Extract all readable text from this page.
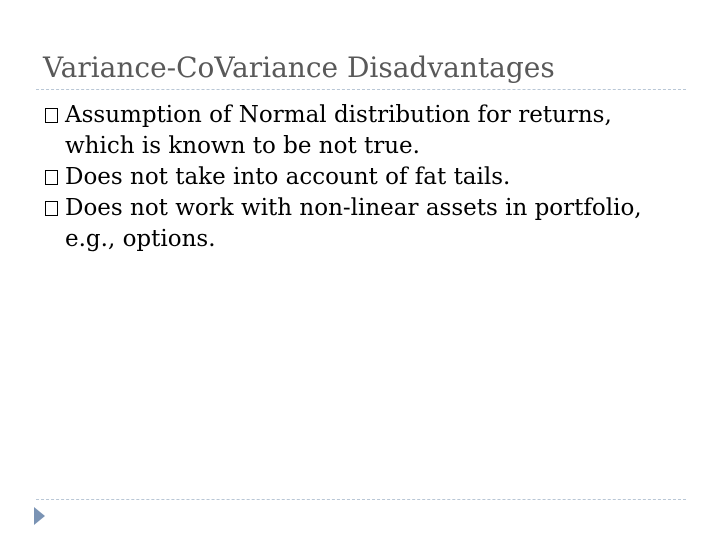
Variance-CoVariance Disadvantages
Assumption of Normal distribution for returns, which is known to be not true.
Does not take into account of fat tails.
Does not work with non-linear assets in portfolio, e.g., options.
